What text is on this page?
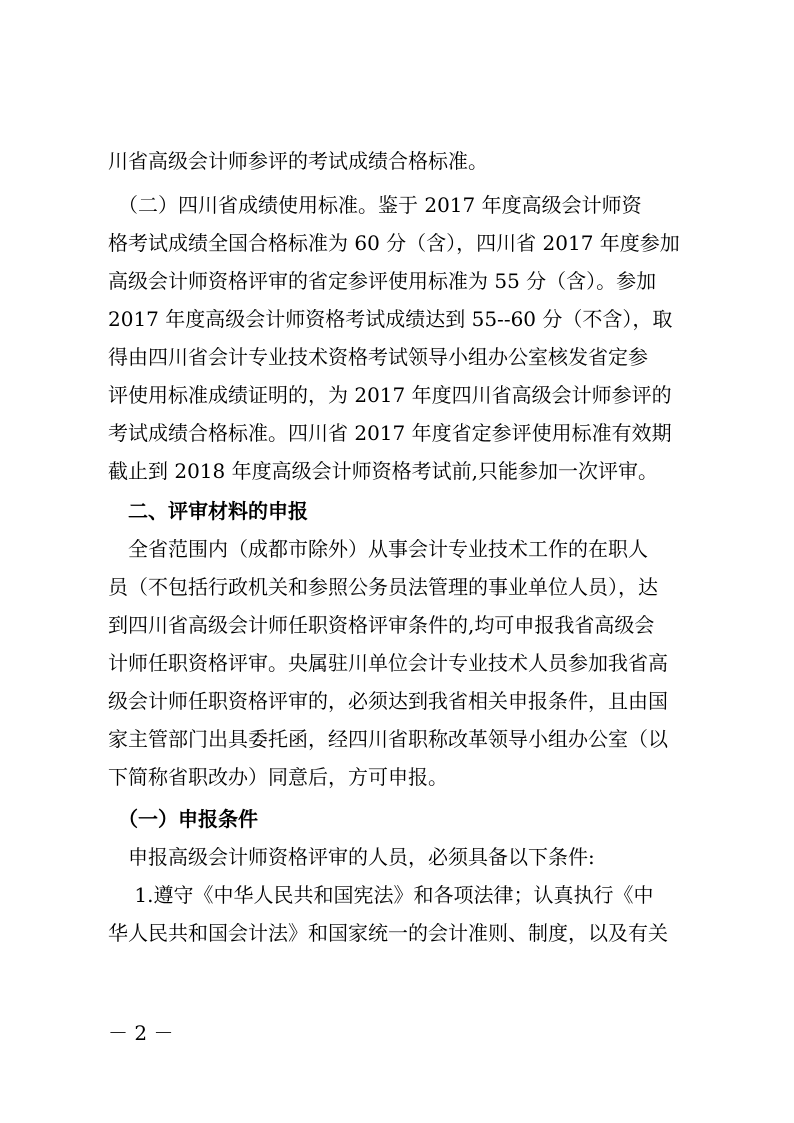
川省高级会计师参评的考试成绩合格标准。
　（二）四川省成绩使用标准。鉴于 2017 年度高级会计师资
格考试成绩全国合格标准为 60 分（含），四川省 2017 年度参加
高级会计师资格评审的省定参评使用标准为 55 分（含）。参加
2017 年度高级会计师资格考试成绩达到 55--60 分（不含），取
得由四川省会计专业技术资格考试领导小组办公室核发省定参
评使用标准成绩证明的，为 2017 年度四川省高级会计师参评的
考试成绩合格标准。四川省 2017 年度省定参评使用标准有效期
截止到 2018 年度高级会计师资格考试前,只能参加一次评审。
　二、评审材料的申报
　全省范围内（成都市除外）从事会计专业技术工作的在职人
员（不包括行政机关和参照公务员法管理的事业单位人员），达
到四川省高级会计师任职资格评审条件的,均可申报我省高级会
计师任职资格评审。央属驻川单位会计专业技术人员参加我省高
级会计师任职资格评审的，必须达到我省相关申报条件，且由国
家主管部门出具委托函，经四川省职称改革领导小组办公室（以
下简称省职改办）同意后，方可申报。
　（一）申报条件
　申报高级会计师资格评审的人员，必须具备以下条件:
　 1.遵守《中华人民共和国宪法》和各项法律；认真执行《中
华人民共和国会计法》和国家统一的会计准则、制度，以及有关
－ 2 －
